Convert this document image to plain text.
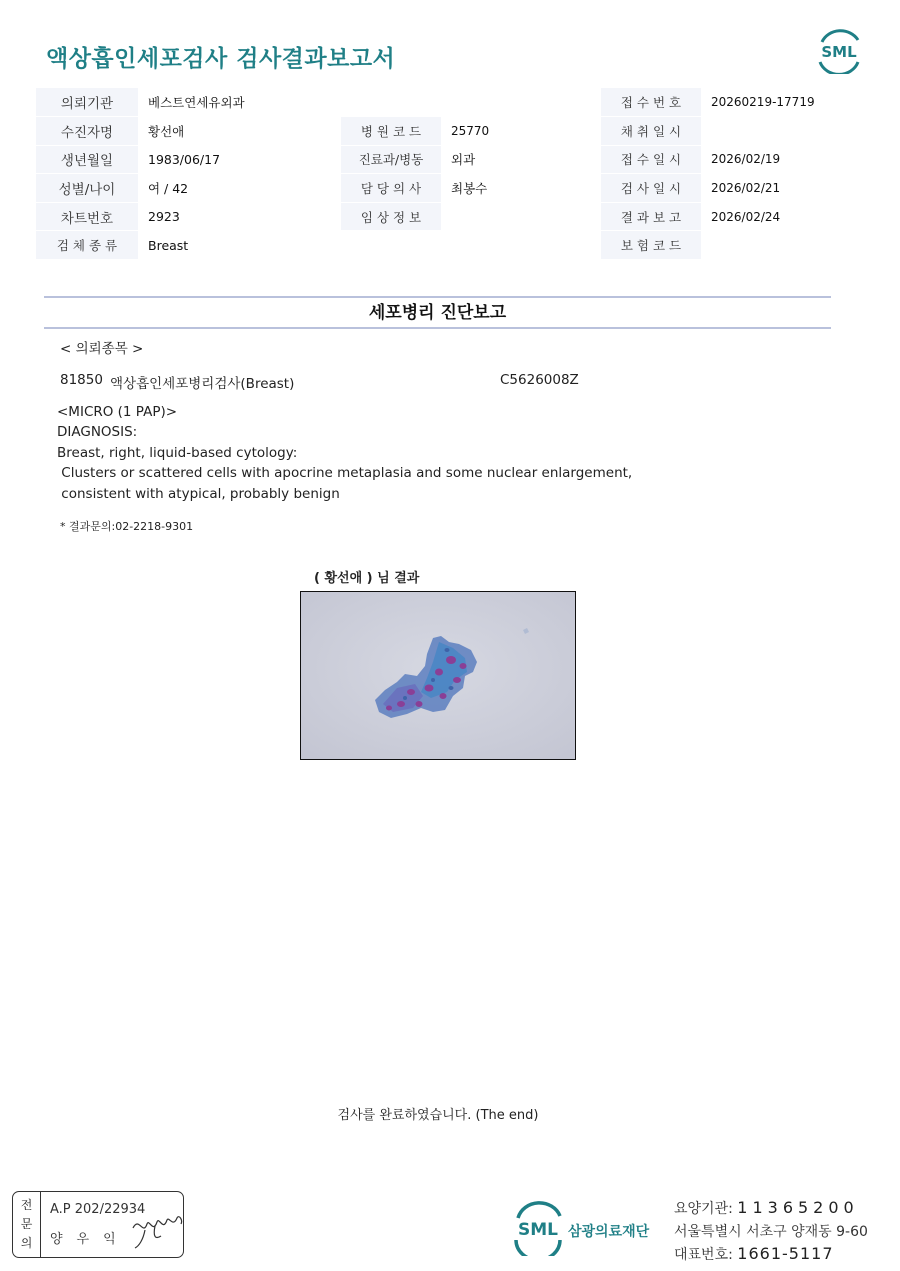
액상흡인세포검사 검사결과보고서	SML
의뢰기관	베스트연세유외과			접 수 번 호	20260219-17719
수진자명	황선애	병 원 코 드	25770	채 취 일 시	
생년월일	1983/06/17	진료과/병동	외과	접 수 일 시	2026/02/19
성별/나이	여 / 42	담 당 의 사	최봉수	검 사 일 시	2026/02/21
차트번호	2923	임 상 정 보		결 과 보 고	2026/02/24
검 체 종 류	Breast			보 험 코 드	
세포병리 진단보고
< 의뢰종목 >
81850 액상흡인세포병리검사(Breast)	C5626008Z
<MICRO (1 PAP)>
DIAGNOSIS:
Breast, right, liquid-based cytology:
Clusters or scattered cells with apocrine metaplasia and some nuclear enlargement,
consistent with atypical, probably benign
* 결과문의:02-2218-9301
( 황선애 ) 님 결과
검사를 완료하였습니다. (The end)
전
문
의
A.P 202/22934
양우익	SML 삼광의료재단
요양기관: 11365200
서울특별시 서초구 양재동 9-60
대표번호: 1661-5117
